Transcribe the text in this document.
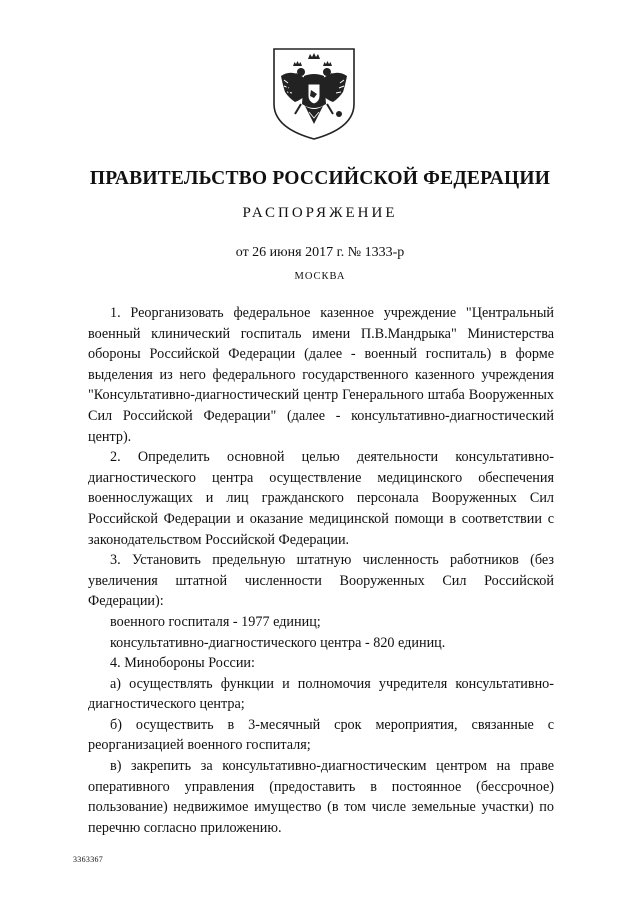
ПРАВИТЕЛЬСТВО РОССИЙСКОЙ ФЕДЕРАЦИИ
РАСПОРЯЖЕНИЕ
от 26 июня 2017 г. № 1333-р
МОСКВА

1. Реорганизовать федеральное казенное учреждение "Центральный военный клинический госпиталь имени П.В.Мандрыка" Министерства обороны Российской Федерации (далее - военный госпиталь) в форме выделения из него федерального государственного казенного учреждения "Консультативно-диагностический центр Генерального штаба Вооруженных Сил Российской Федерации" (далее - консультативно-диагностический центр).

2. Определить основной целью деятельности консультативно-диагностического центра осуществление медицинского обеспечения военнослужащих и лиц гражданского персонала Вооруженных Сил Российской Федерации и оказание медицинской помощи в соответствии с законодательством Российской Федерации.

3. Установить предельную штатную численность работников (без увеличения штатной численности Вооруженных Сил Российской Федерации):

военного госпиталя - 1977 единиц;

консультативно-диагностического центра - 820 единиц.

4. Минобороны России:

а) осуществлять функции и полномочия учредителя консультативно-диагностического центра;

б) осуществить в 3-месячный срок мероприятия, связанные с реорганизацией военного госпиталя;

в) закрепить за консультативно-диагностическим центром на праве оперативного управления (предоставить в постоянное (бессрочное) пользование) недвижимое имущество (в том числе земельные участки) по перечню согласно приложению.

3363367
